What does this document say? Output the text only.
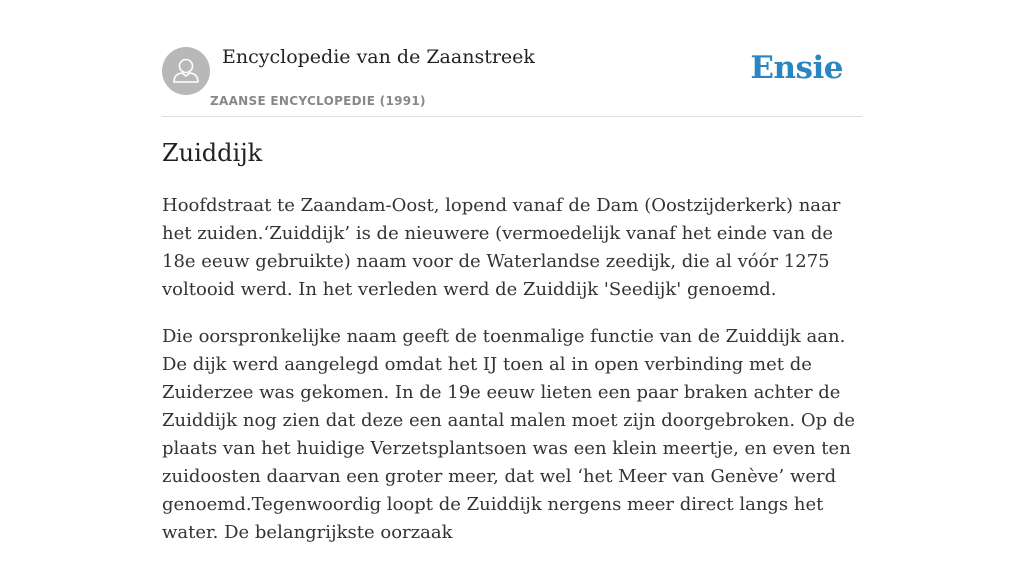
Encyclopedie van de Zaanstreek
ZAANSE ENCYCLOPEDIE (1991)
Ensie
Zuiddijk

Hoofdstraat te Zaandam-Oost, lopend vanaf de Dam (Oostzijderkerk) naar het zuiden.‘Zuiddijk’ is de nieuwere (vermoedelijk vanaf het einde van de 18e eeuw gebruikte) naam voor de Waterlandse zeedijk, die al vóór 1275 voltooid werd. In het verleden werd de Zuiddijk 'Seedijk' genoemd.

Die oorspronkelijke naam geeft de toenmalige functie van de Zuiddijk aan. De dijk werd aangelegd omdat het IJ toen al in open verbinding met de Zuiderzee was gekomen. In de 19e eeuw lieten een paar braken achter de Zuiddijk nog zien dat deze een aantal malen moet zijn doorgebroken. Op de plaats van het huidige Verzetsplantsoen was een klein meertje, en even ten zuidoosten daarvan een groter meer, dat wel ‘het Meer van Genève’ werd genoemd.Tegenwoordig loopt de Zuiddijk nergens meer direct langs het water. De belangrijkste oorzaak
